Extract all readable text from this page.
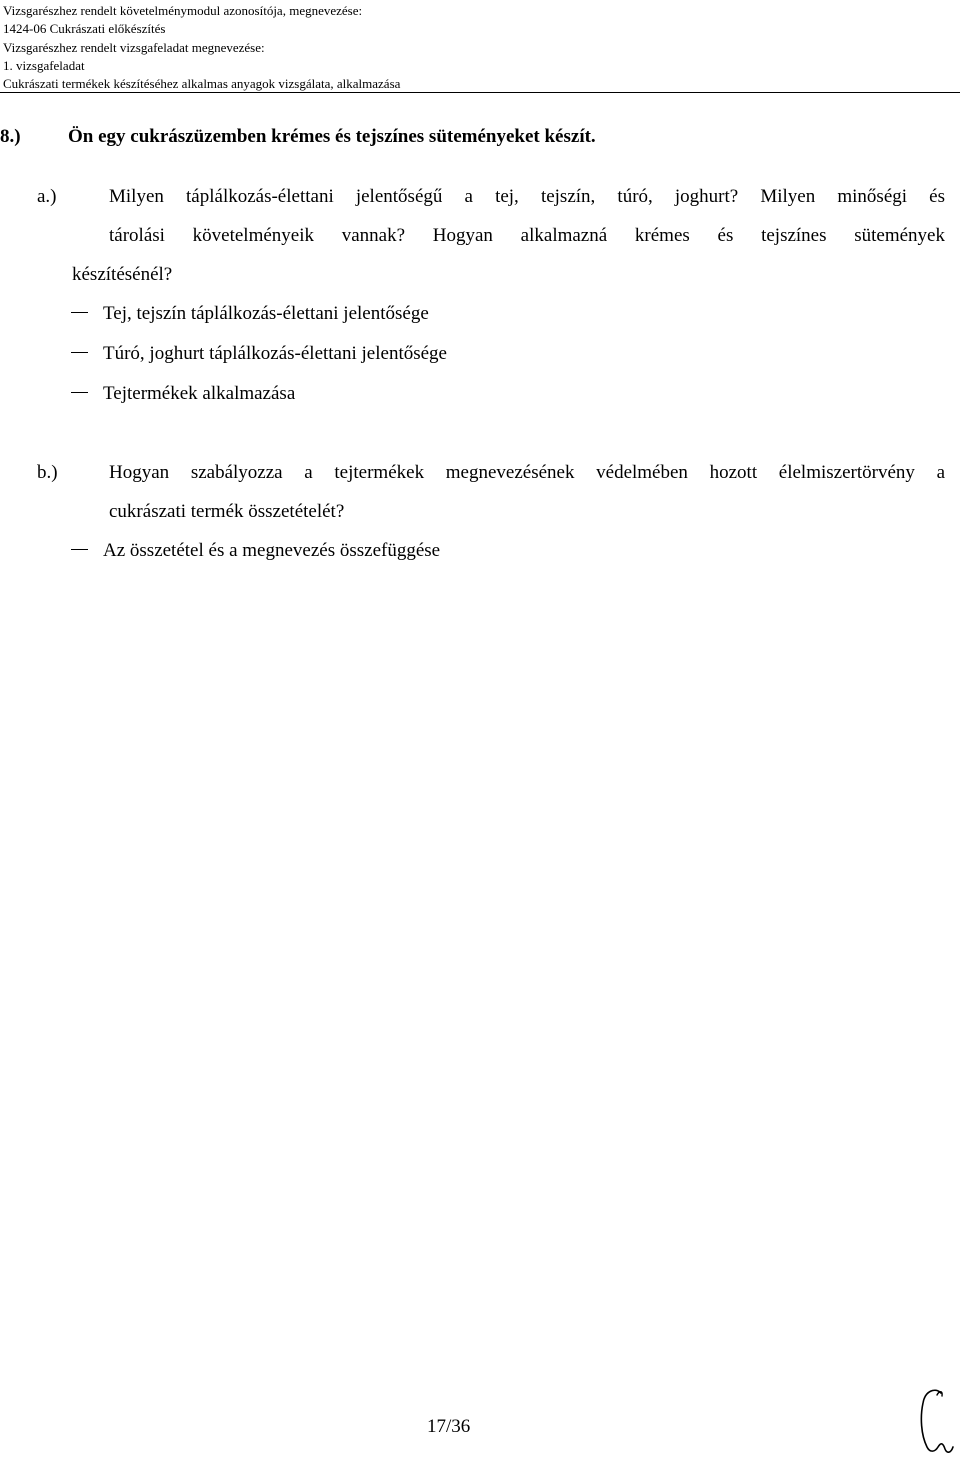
Vizsgarészhez rendelt követelménymodul azonosítója, megnevezése:
1424-06 Cukrászati előkészítés
Vizsgarészhez rendelt vizsgafeladat megnevezése:
1. vizsgafeladat
Cukrászati termékek készítéséhez alkalmas anyagok vizsgálata, alkalmazása
8.) Ön egy cukrászüzemben krémes és tejszínes süteményeket készít.
a.)	Milyen táplálkozás-élettani jelentőségű a tej, tejszín, túró, joghurt? Milyen minőségi és
tárolási követelményeik vannak? Hogyan alkalmazná krémes és tejszínes sütemények
készítésénél?
Tej, tejszín táplálkozás-élettani jelentősége
Túró, joghurt táplálkozás-élettani jelentősége
Tejtermékek alkalmazása
b.)	Hogyan szabályozza a tejtermékek megnevezésének védelmében hozott élelmiszertörvény a
cukrászati termék összetételét?
Az összetétel és a megnevezés összefüggése
17/36
